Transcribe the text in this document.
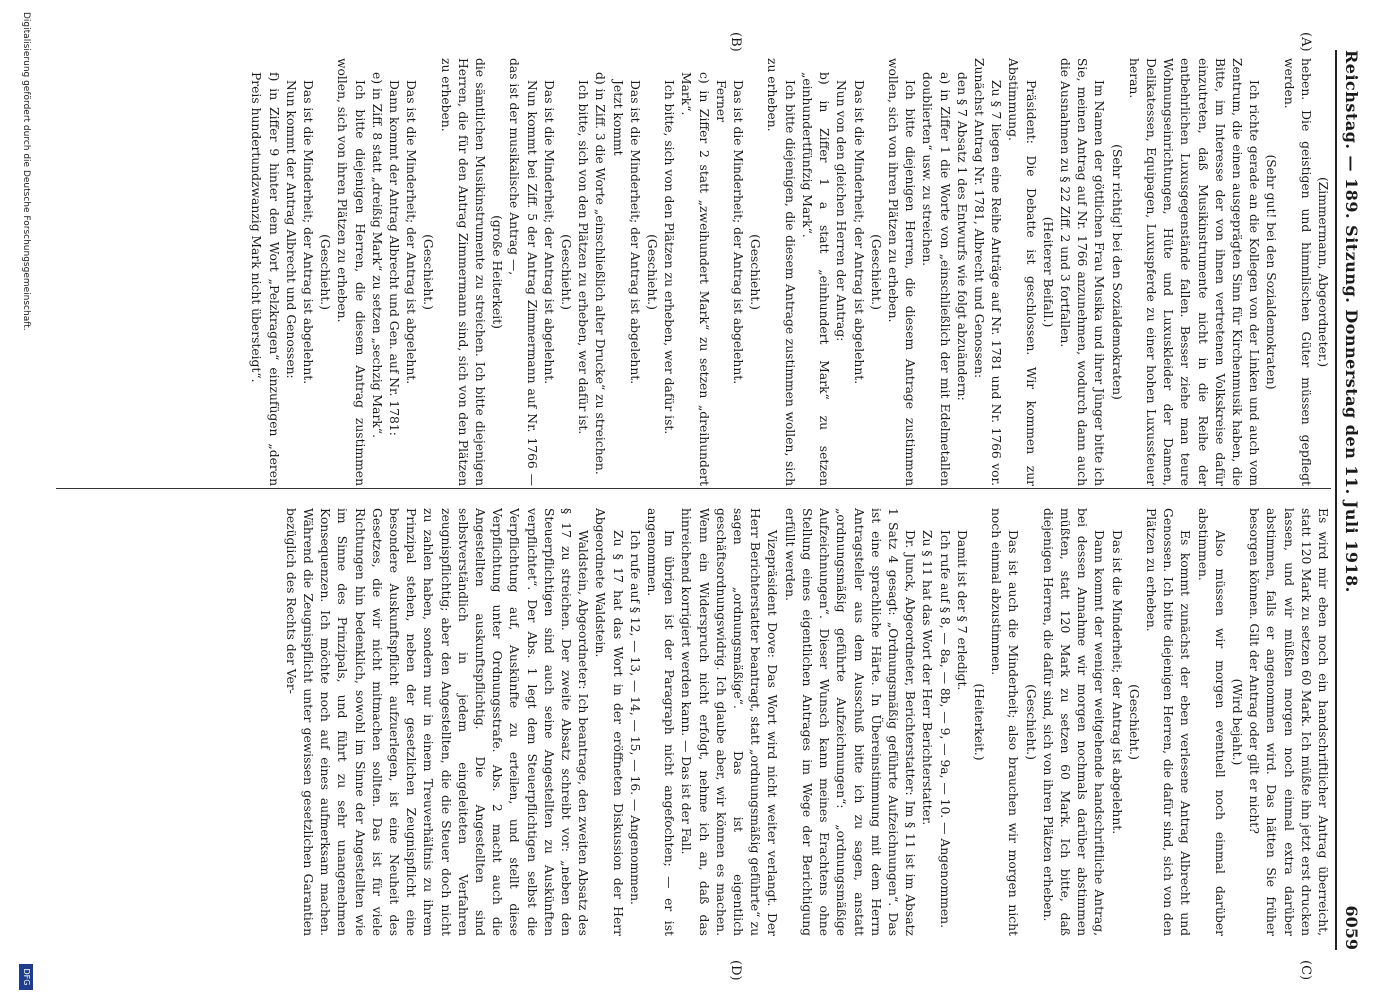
Reichstag. — 189. Sitzung. Donnerstag den 11. Juli 1918.
6059
(A)
(B)
(C)
(D)

(Zimmermann, Abgeordneter.)

heben. Die geistigen und himmlischen Güter müssen gepflegt werden.

(Sehr gut! bei den Sozialdemokraten)

Ich richte gerade an die Kollegen von der Linken und auch vom Zentrum, die einen ausgeprägten Sinn für Kirchenmusik haben, die Bitte, im Interesse der von ihnen vertretenen Volkskreise dafür einzutreten, daß Musikinstrumente nicht in die Reihe der entbehrlichen Luxusgegenstände fallen. Besser ziehe man teure Wohnungseinrichtungen, Hüte und Luxuskleider der Damen, Delikatessen, Equipagen, Luxuspferde zu einer hohen Luxussteuer heran.

(Sehr richtig! bei den Sozialdemokraten)

Im Namen der göttlichen Frau Musika und ihrer Jünger bitte ich Sie, meinen Antrag auf Nr. 1766 anzunehmen, wodurch dann auch die Ausnahmen zu § 22 Ziff. 2 und 3 fortfallen.

(Heiterer Beifall.)

Präsident: Die Debatte ist geschlossen. Wir kommen zur Abstimmung.

Zu § 7 liegen eine Reihe Anträge auf Nr. 1781 und Nr. 1766 vor. Zunächst Antrag Nr. 1781, Albrecht und Genossen:

den § 7 Absatz 1 des Entwurfs wie folgt abzuändern:

a) in Ziffer 1 die Worte von „einschließlich der mit Edelmetallen doublierten“ usw. zu streichen.

Ich bitte diejenigen Herren, die diesem Antrage zustimmen wollen, sich von ihren Plätzen zu erheben.

(Geschieht.)

Das ist die Minderheit; der Antrag ist abgelehnt.

Nun von den gleichen Herren der Antrag:

b) in Ziffer 1 a statt „einhundert Mark“ zu setzen „einhundertfünfzig Mark“.

Ich bitte diejenigen, die diesem Antrage zustimmen wollen, sich zu erheben.

(Geschieht.)

Das ist die Minderheit; der Antrag ist abgelehnt.

Ferner

c) in Ziffer 2 statt „zweihundert Mark“ zu setzen „dreihundert Mark“.

Ich bitte, sich von den Plätzen zu erheben, wer dafür ist.

(Geschieht.)

Das ist die Minderheit; der Antrag ist abgelehnt.

Jetzt kommt

d) in Ziff. 3 die Worte „einschließlich alter Drucke“ zu streichen.

Ich bitte, sich von den Plätzen zu erheben, wer dafür ist.

(Geschieht.)

Das ist die Minderheit; der Antrag ist abgelehnt.

Nun kommt bei Ziff. 5 der Antrag Zimmermann auf Nr. 1766 — das ist der musikalische Antrag —,

(große Heiterkeit)

die sämtlichen Musikinstrumente zu streichen. Ich bitte diejenigen Herren, die für den Antrag Zimmermann sind, sich von den Plätzen zu erheben.

(Geschieht.)

Das ist die Minderheit; der Antrag ist abgelehnt.

Dann kommt der Antrag Albrecht und Gen. auf Nr. 1781:

e) in Ziff. 8 statt „dreißig Mark“ zu setzen „sechzig Mark“.

Ich bitte diejenigen Herren, die diesem Antrag zustimmen wollen, sich von ihren Plätzen zu erheben.

(Geschieht.)

Das ist die Minderheit; der Antrag ist abgelehnt.

Nun kommt der Antrag Albrecht und Genossen:

f) in Ziffer 9 hinter dem Wort „Pelzkragen“ einzufügen „deren Preis hundertundzwanzig Mark nicht übersteigt“.

Es wird mir eben noch ein handschriftlicher Antrag überreicht, statt 120 Mark zu setzen 60 Mark. Ich müßte ihn jetzt erst drucken lassen, und wir müßten morgen noch einmal extra darüber abstimmen, falls er angenommen wird. Das hätten Sie früher besorgen können. Gilt der Antrag oder gilt er nicht?

(Wird bejaht.)

Also müssen wir morgen eventuell noch einmal darüber abstimmen.

Es kommt zunächst der eben verlesene Antrag Albrecht und Genossen. Ich bitte diejenigen Herren, die dafür sind, sich von den Plätzen zu erheben.

(Geschieht.)

Das ist die Minderheit; der Antrag ist abgelehnt.

Dann kommt der weniger weitgehende handschriftliche Antrag, bei dessen Annahme wir morgen nochmals darüber abstimmen müßten, statt 120 Mark zu setzen 60 Mark. Ich bitte, daß diejenigen Herren, die dafür sind, sich von ihren Plätzen erheben.

(Geschieht.)

Das ist auch die Minderheit; also brauchen wir morgen nicht noch einmal abzustimmen.

(Heiterkeit.)

Damit ist der § 7 erledigt.

Ich rufe auf § 8, — 8a, — 8b, — 9, — 9a, — 10. — Angenommen.

Zu § 11 hat das Wort der Herr Berichterstatter.

Dr. Junck, Abgeordneter, Berichterstatter: Im § 11 ist im Absatz 1 Satz 4 gesagt: „Ordnungsmäßig geführte Aufzeichnungen“. Das ist eine sprachliche Härte. In Übereinstimmung mit dem Herrn Antragsteller aus dem Ausschuß bitte ich zu sagen, anstatt „ordnungsmäßig geführte Aufzeichnungen“: „ordnungsmäßige Aufzeichnungen“. Dieser Wunsch kann meines Erachtens ohne Stellung eines eigentlichen Antrages im Wege der Berichtigung erfüllt werden.

Vizepräsident Dove: Das Wort wird nicht weiter verlangt. Der Herr Berichterstatter beantragt, statt „ordnungsmäßig geführte“ zu sagen „ordnungsmäßige“. Das ist eigentlich geschäftsordnungswidrig. Ich glaube aber, wir können es machen. Wenn ein Widerspruch nicht erfolgt, nehme ich an, daß das hinreichend korrigiert werden kann. — Das ist der Fall.

Im übrigen ist der Paragraph nicht angefochten; — er ist angenommen.

Ich rufe auf § 12, — 13, — 14, — 15, — 16. — Angenommen.

Zu § 17 hat das Wort in der eröffneten Diskussion der Herr Abgeordnete Waldstein.

Waldstein, Abgeordneter: Ich beantrage, den zweiten Absatz des § 17 zu streichen. Der zweite Absatz schreibt vor: „neben den Steuerpflichtigen sind auch seine Angestellten zu Auskünften verpflichtet“. Der Abs. 1 legt dem Steuerpflichtigen selbst die Verpflichtung auf, Auskünfte zu erteilen, und stellt diese Verpflichtung unter Ordnungsstrafe. Abs. 2 macht auch die Angestellten auskunftspflichtig. Die Angestellten sind selbstverständlich in jedem eingeleiteten Verfahren zeugnispflichtig; aber den Angestellten, die die Steuer doch nicht zu zahlen haben, sondern nur in einem Treuverhältnis zu ihrem Prinzipal stehen, neben der gesetzlichen Zeugnispflicht eine besondere Auskunftspflicht aufzuerlegen, ist eine Neuheit des Gesetzes, die wir nicht mitmachen sollten. Das ist für viele Richtungen hin bedenklich, sowohl im Sinne der Angestellten wie im Sinne des Prinzipals, und führt zu sehr unangenehmen Konsequenzen. Ich möchte noch auf eines aufmerksam machen. Während die Zeugnispflicht unter gewissen gesetzlichen Garantien bezüglich des Rechts der Ver-

Digitalisierung gefördert durch die Deutsche Forschungsgemeinschaft.
DFG
